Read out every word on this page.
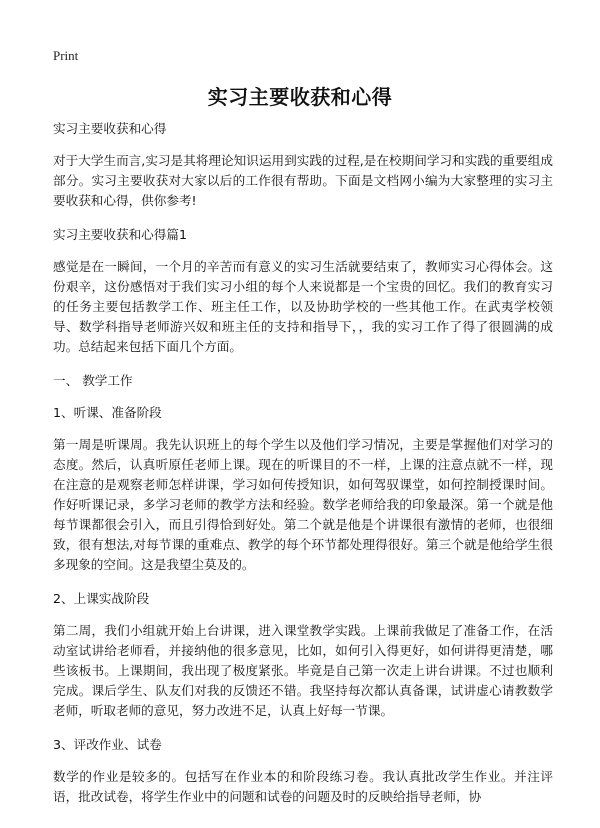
Print
实习主要收获和心得

实习主要收获和心得

对于大学生而言,实习是其将理论知识运用到实践的过程,是在校期间学习和实践的重要组成部分。实习主要收获对大家以后的工作很有帮助。下面是文档网小编为大家整理的实习主要收获和心得，供你参考!

实习主要收获和心得篇1

感觉是在一瞬间，一个月的辛苦而有意义的实习生活就要结束了，教师实习心得体会。这份艰辛，这份感悟对于我们实习小组的每个人来说都是一个宝贵的回忆。我们的教育实习的任务主要包括教学工作、班主任工作，以及协助学校的一些其他工作。在武夷学校领导、数学科指导老师游兴奴和班主任的支持和指导下，，我的实习工作了得了很圆满的成功。总结起来包括下面几个方面。

一、 教学工作

1、听课、准备阶段

第一周是听课周。我先认识班上的每个学生以及他们学习情况，主要是掌握他们对学习的态度。然后，认真听原任老师上课。现在的听课目的不一样，上课的注意点就不一样，现在注意的是观察老师怎样讲课，学习如何传授知识，如何驾驭课堂，如何控制授课时间。作好听课记录，多学习老师的教学方法和经验。数学老师给我的印象最深。第一个就是他每节课都很会引入，而且引得恰到好处。第二个就是他是个讲课很有激情的老师，也很细致，很有想法,对每节课的重难点、教学的每个环节都处理得很好。第三个就是他给学生很多现象的空间。这是我望尘莫及的。

2、上课实战阶段

第二周，我们小组就开始上台讲课，进入课堂教学实践。上课前我做足了准备工作，在活动室试讲给老师看，并接纳他的很多意见，比如，如何引入得更好，如何讲得更清楚，哪些该板书。上课期间，我出现了极度紧张。毕竟是自己第一次走上讲台讲课。不过也顺利完成。课后学生、队友们对我的反馈还不错。我坚持每次都认真备课，试讲虚心请教数学老师，听取老师的意见，努力改进不足，认真上好每一节课。

3、评改作业、试卷

数学的作业是较多的。包括写在作业本的和阶段练习卷。我认真批改学生作业。并注评语，批改试卷，将学生作业中的问题和试卷的问题及时的反映给指导老师，协
